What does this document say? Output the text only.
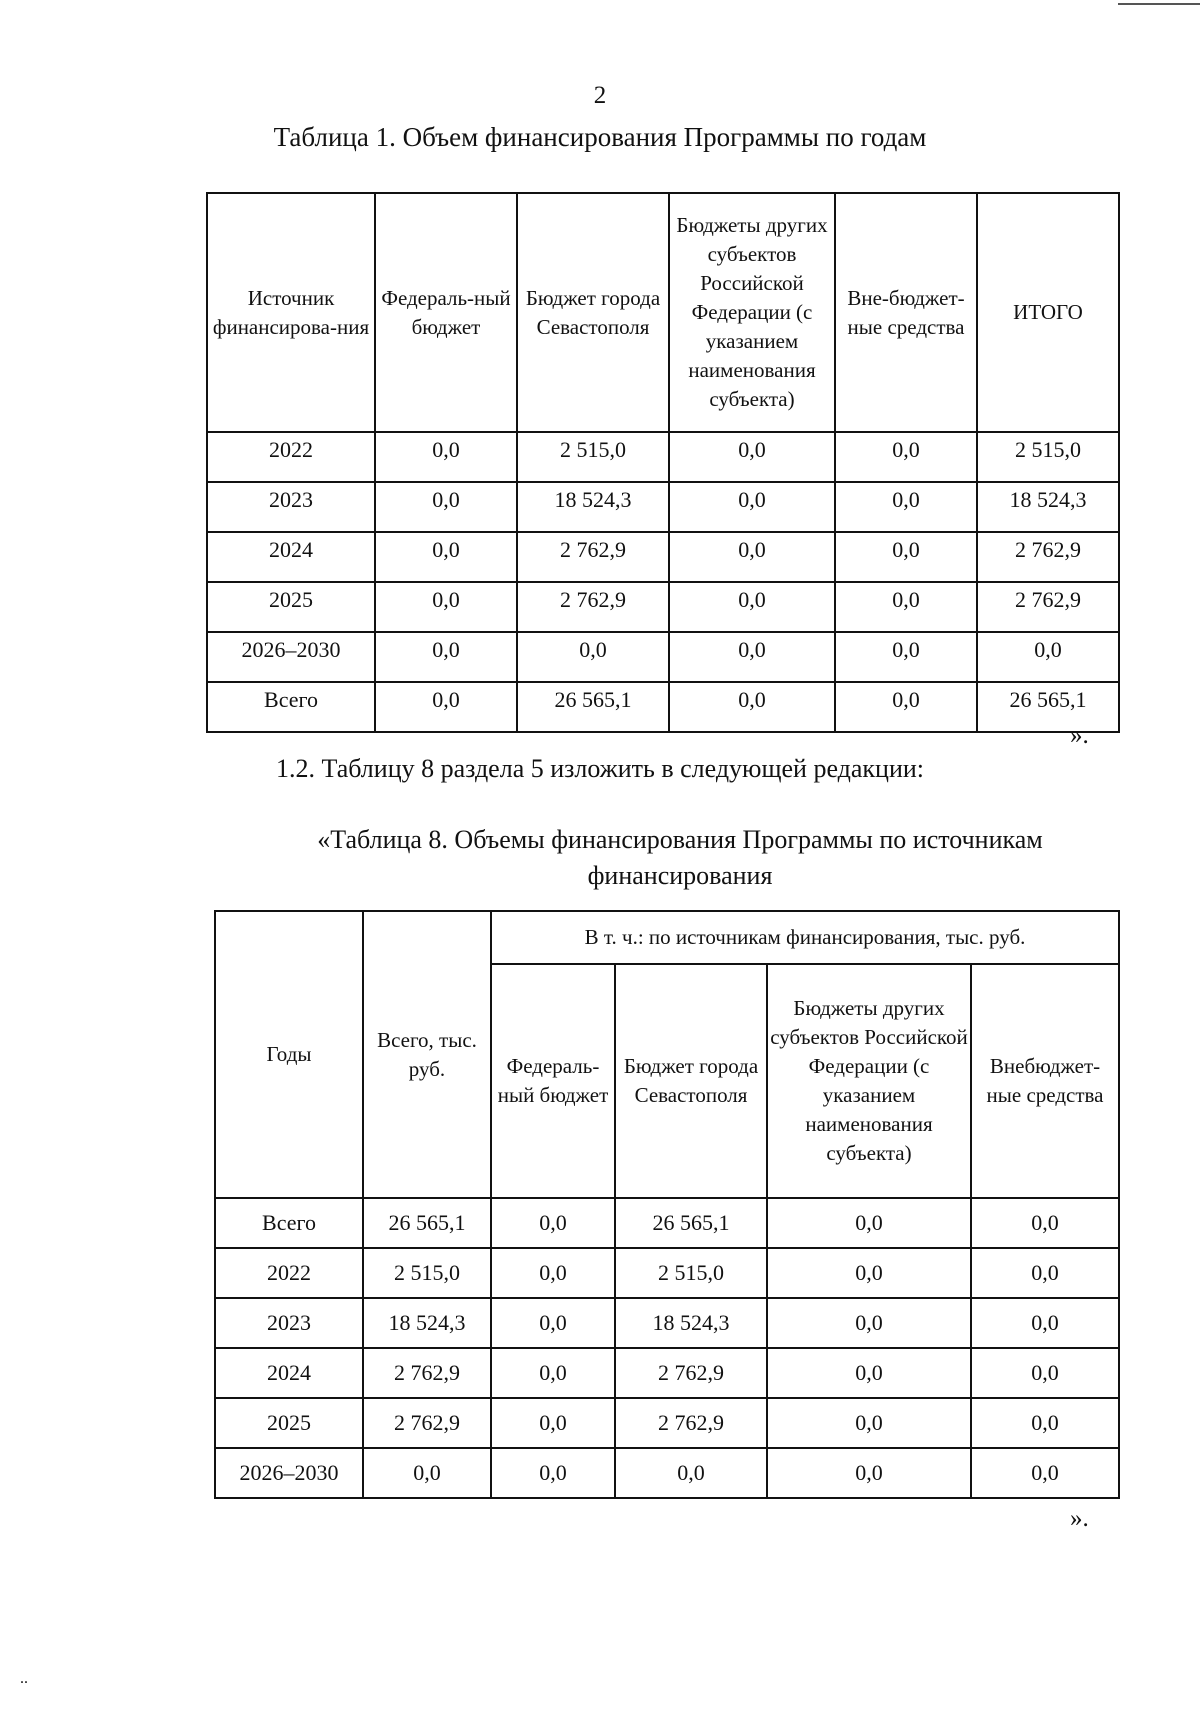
2
Таблица 1. Объем финансирования Программы по годам
Источник финансирова-ния	Федераль-ный бюджет	Бюджет города Севастополя	Бюджеты других субъектов Российской Федерации (с указанием наименования субъекта)	Вне-бюджет-ные средства	ИТОГО
2022	0,0	2 515,0	0,0	0,0	2 515,0
2023	0,0	18 524,3	0,0	0,0	18 524,3
2024	0,0	2 762,9	0,0	0,0	2 762,9
2025	0,0	2 762,9	0,0	0,0	2 762,9
2026–2030	0,0	0,0	0,0	0,0	0,0
Всего	0,0	26 565,1	0,0	0,0	26 565,1
».
1.2. Таблицу 8 раздела 5 изложить в следующей редакции:
«Таблица 8. Объемы финансирования Программы по источникам финансирования
Годы	Всего, тыс. руб.	В т. ч.: по источникам финансирования, тыс. руб.			
		Федераль-ный бюджет	Бюджет города Севастополя	Бюджеты других субъектов Российской Федерации (с указанием наименования субъекта)	Внебюджет-ные средства
Всего	26 565,1	0,0	26 565,1	0,0	0,0
2022	2 515,0	0,0	2 515,0	0,0	0,0
2023	18 524,3	0,0	18 524,3	0,0	0,0
2024	2 762,9	0,0	2 762,9	0,0	0,0
2025	2 762,9	0,0	2 762,9	0,0	0,0
2026–2030	0,0	0,0	0,0	0,0	0,0
».
..
